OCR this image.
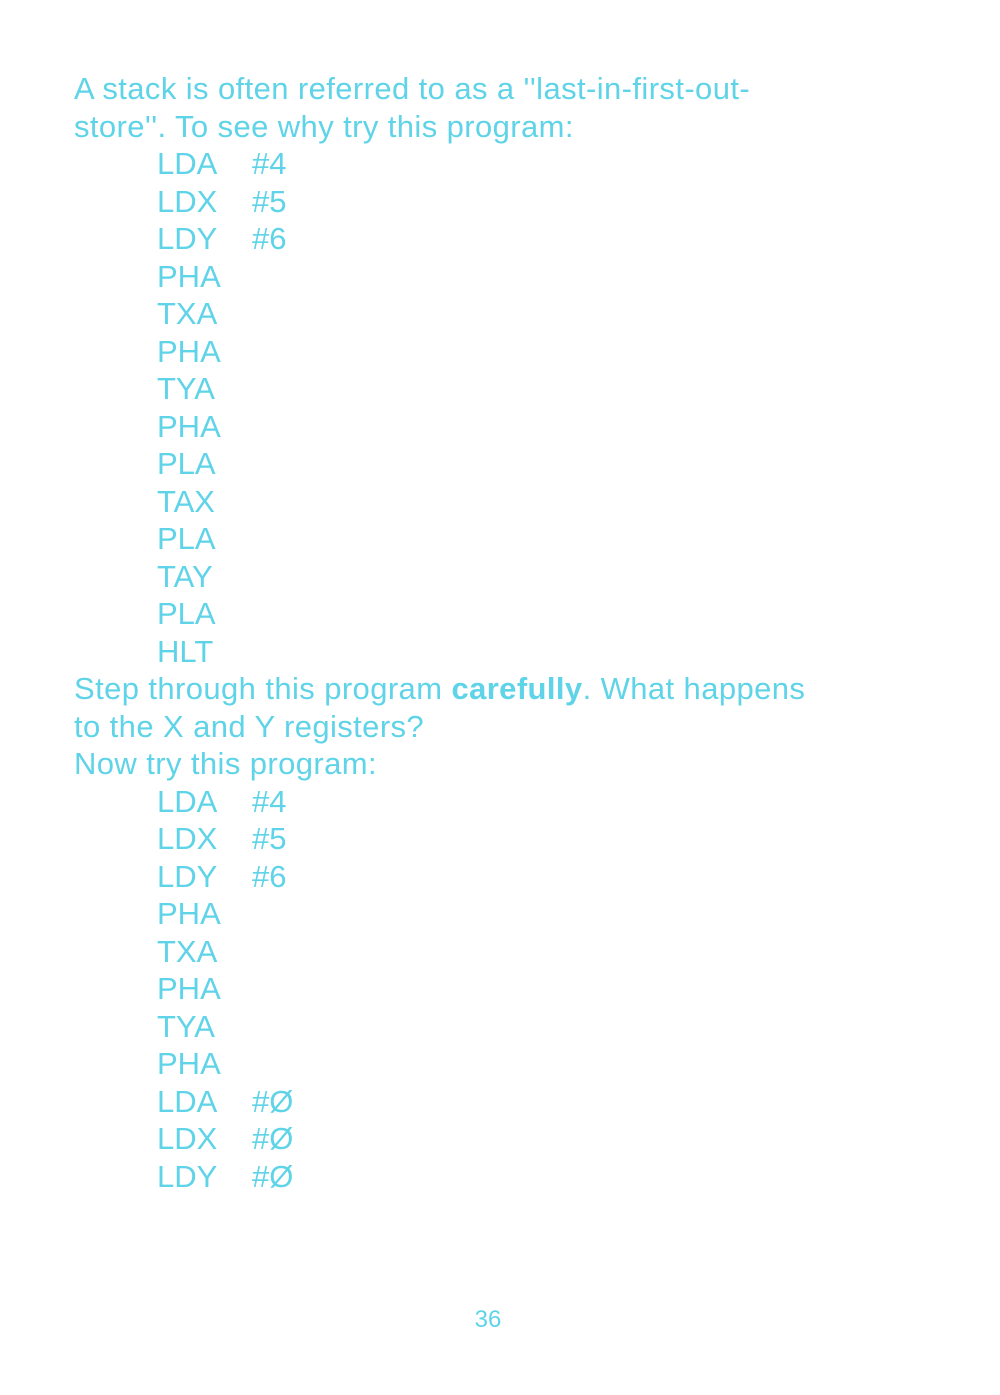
A stack is often referred to as a ''last-in-first-out-
store''. To see why try this program:

LDA	#4
LDX	#5
LDY	#6
PHA
TXA
PHA
TYA
PHA
PLA
TAX
PLA
TAY
PLA
HLT

Step through this program carefully. What happens
to the X and Y registers?
Now try this program:

LDA	#4
LDX	#5
LDY	#6
PHA
TXA
PHA
TYA
PHA
LDA	#Ø
LDX	#Ø
LDY	#Ø
36
